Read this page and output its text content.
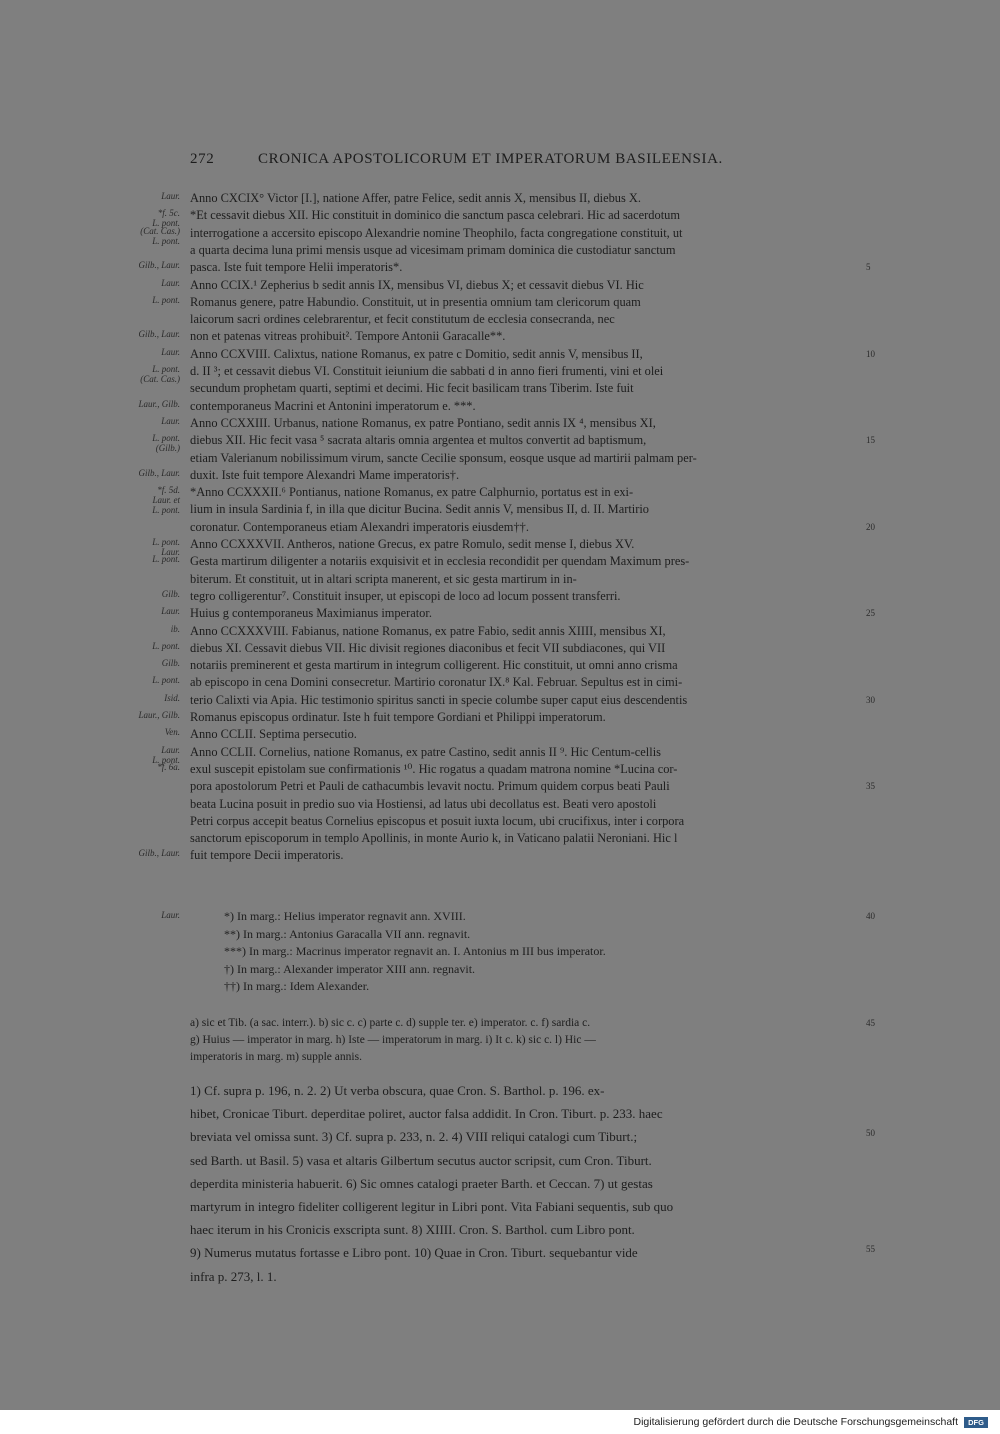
272	CRONICA APOSTOLICORUM ET IMPERATORUM BASILEENSIA.
Anno CXCIX° Victor [I.], natione Affer, patre Felice, sedit annis X, mensibus II, diebus X.
Laur.
*Et cessavit diebus XII. Hic constituit in dominico die sanctum pasca celebrari. Hic ad sacerdotum
*f. 5c.
L. pont.
interrogatione a accersito episcopo Alexandrie nomine Theophilo, facta congregatione constituit, ut
(Cat. Cas.)
L. pont.
a quarta decima luna primi mensis usque ad vicesimam primam dominica die custodiatur sanctum
pasca. Iste fuit tempore Helii imperatoris*.
Gilb., Laur.	5
Anno CCIX.¹ Zepherius b sedit annis IX, mensibus VI, diebus X; et cessavit diebus VI. Hic
Laur.
Romanus genere, patre Habundio. Constituit, ut in presentia omnium tam clericorum quam
L. pont.
laicorum sacri ordines celebrarentur, et fecit constitutum de ecclesia consecranda, nec
non et patenas vitreas prohibuit². Tempore Antonii Garacalle**.
Gilb., Laur.
Anno CCXVIII. Calixtus, natione Romanus, ex patre c Domitio, sedit annis V, mensibus II,
Laur.	10
d. II ³; et cessavit diebus VI. Constituit ieiunium die sabbati d in anno fieri frumenti, vini et olei
L. pont.
(Cat. Cas.)
secundum prophetam quarti, septimi et decimi. Hic fecit basilicam trans Tiberim. Iste fuit
contemporaneus Macrini et Antonini imperatorum e. ***.
Laur., Gilb.
Anno CCXXIII. Urbanus, natione Romanus, ex patre Pontiano, sedit annis IX ⁴, mensibus XI,
Laur.
diebus XII. Hic fecit vasa ⁵ sacrata altaris omnia argentea et multos convertit ad baptismum,
L. pont.
(Gilb.)
15
etiam Valerianum nobilissimum virum, sancte Cecilie sponsum, eosque usque ad martirii palmam per-
duxit. Iste fuit tempore Alexandri Mame imperatoris†.
Gilb., Laur.
*Anno CCXXXII.⁶ Pontianus, natione Romanus, ex patre Calphurnio, portatus est in exi-
*f. 5d.
Laur. et
L. pont. lium in insula Sardinia f, in illa que dicitur Bucina. Sedit annis V, mensibus II, d. II. Martirio
coronatur. Contemporaneus etiam Alexandri imperatoris eiusdem††.	20
Anno CCXXXVII. Antheros, natione Grecus, ex patre Romulo, sedit mense I, diebus XV.
L. pont.
Laur.
Gesta martirum diligenter a notariis exquisivit et in ecclesia recondidit per quendam Maximum pres-
L. pont.
biterum. Et constituit, ut in altari scripta manerent, et sic gesta martirum in in-
tegro colligerentur⁷. Constituit insuper, ut episcopi de loco ad locum possent transferri.
Gilb.
Huius g contemporaneus Maximianus imperator.
Laur.	25
Anno CCXXXVIII. Fabianus, natione Romanus, ex patre Fabio, sedit annis XIIII, mensibus XI,
ib.
diebus XI. Cessavit diebus VII. Hic divisit regiones diaconibus et fecit VII subdiacones, qui VII
L. pont.
notariis preminerent et gesta martirum in integrum colligerent. Hic constituit, ut omni anno crisma
Gilb.
ab episcopo in cena Domini consecretur. Martirio coronatur IX.⁸ Kal. Februar. Sepultus est in cimi-
L. pont.
terio Calixti via Apia. Hic testimonio spiritus sancti in specie columbe super caput eius descendentis
Isid.	30
Romanus episcopus ordinatur. Iste h fuit tempore Gordiani et Philippi imperatorum.
Laur., Gilb.
Anno CCLII. Septima persecutio.
Ven.
Anno CCLII. Cornelius, natione Romanus, ex patre Castino, sedit annis II ⁹. Hic Centum-cellis
Laur.
L. pont.
exul suscepit epistolam sue confirmationis ¹⁰. Hic rogatus a quadam matrona nomine *Lucina cor-
*f. 6a.
pora apostolorum Petri et Pauli de cathacumbis levavit noctu. Primum quidem corpus beati Pauli	35
beata Lucina posuit in predio suo via Hostiensi, ad latus ubi decollatus est. Beati vero apostoli
Petri corpus accepit beatus Cornelius episcopus et posuit iuxta locum, ubi crucifixus, inter i corpora
sanctorum episcoporum in templo Apollinis, in monte Aurio k, in Vaticano palatii Neroniani. Hic l
fuit tempore Decii imperatoris.
Gilb., Laur.
*) In marg.: Helius imperator regnavit ann. XVIII.
Laur.	40
**) In marg.: Antonius Garacalla VII ann. regnavit.
***) In marg.: Macrinus imperator regnavit an. I. Antonius m III bus imperator.
†) In marg.: Alexander imperator XIII ann. regnavit.
††) In marg.: Idem Alexander.
a) sic et Tib. (a sac. interr.). b) sic c. c) parte c. d) supple ter. e) imperator. c. f) sardia c.	45
g) Huius — imperator in marg. h) Iste — imperatorum in marg. i) It c. k) sic c. l) Hic —
imperatoris in marg. m) supple annis.
1) Cf. supra p. 196, n. 2. 2) Ut verba obscura, quae Cron. S. Barthol. p. 196. ex-
hibet, Cronicae Tiburt. deperditae poliret, auctor falsa addidit. In Cron. Tiburt. p. 233. haec
breviata vel omissa sunt. 3) Cf. supra p. 233, n. 2. 4) VIII reliqui catalogi cum Tiburt.;	50
sed Barth. ut Basil. 5) vasa et altaris Gilbertum secutus auctor scripsit, cum Cron. Tiburt.
deperdita ministeria habuerit. 6) Sic omnes catalogi praeter Barth. et Ceccan. 7) ut gestas
martyrum in integro fideliter colligerent legitur in Libri pont. Vita Fabiani sequentis, sub quo
haec iterum in his Cronicis exscripta sunt. 8) XIIII. Cron. S. Barthol. cum Libro pont.
9) Numerus mutatus fortasse e Libro pont. 10) Quae in Cron. Tiburt. sequebantur vide	55
infra p. 273, l. 1.
Digitalisierung gefördert durch die Deutsche Forschungsgemeinschaft	DFG
